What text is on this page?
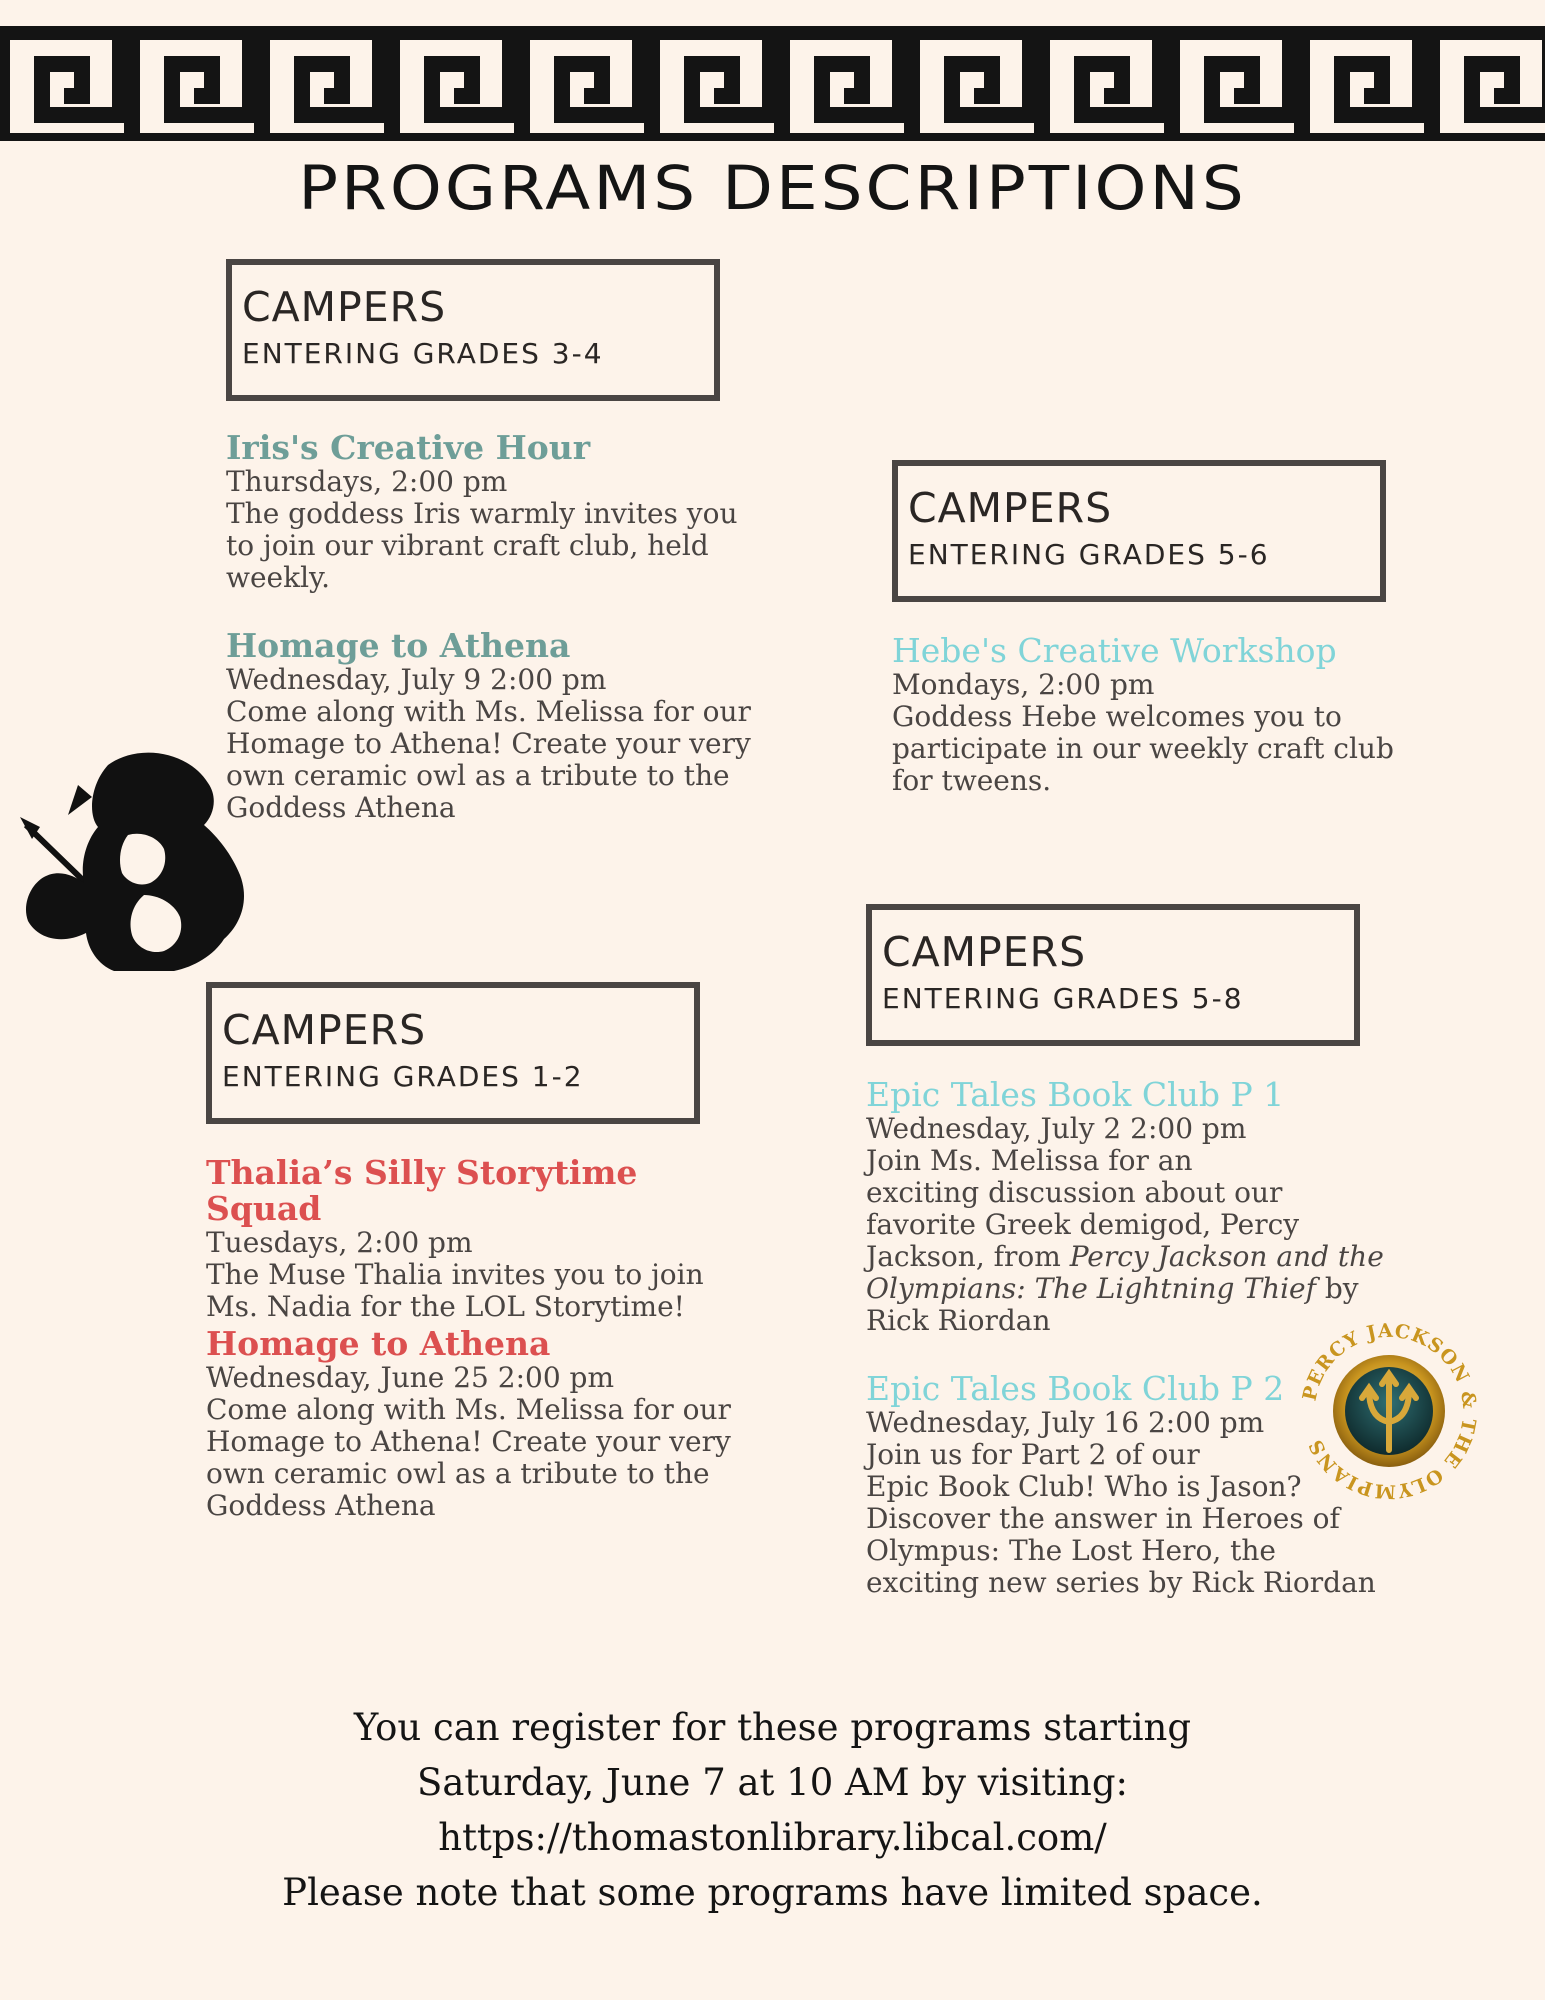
PROGRAMS DESCRIPTIONS
CAMPERS
ENTERING GRADES 3-4
Iris's Creative Hour
Thursdays, 2:00 pm
The goddess Iris warmly invites you
to join our vibrant craft club, held
weekly.
Homage to Athena
Wednesday, July 9 2:00 pm
Come along with Ms. Melissa for our
Homage to Athena! Create your very
own ceramic owl as a tribute to the
Goddess Athena
CAMPERS
ENTERING GRADES 5-6
Hebe's Creative Workshop
Mondays, 2:00 pm
Goddess Hebe welcomes you to
participate in our weekly craft club
for tweens.
CAMPERS
ENTERING GRADES 1-2
Thalia’s Silly Storytime Squad
Tuesdays, 2:00 pm
The Muse Thalia invites you to join
Ms. Nadia for the LOL Storytime!
Homage to Athena
Wednesday, June 25 2:00 pm
Come along with Ms. Melissa for our
Homage to Athena! Create your very
own ceramic owl as a tribute to the
Goddess Athena
CAMPERS
ENTERING GRADES 5-8
Epic Tales Book Club P 1
Wednesday, July 2 2:00 pm
Join Ms. Melissa for an
exciting discussion about our
favorite Greek demigod, Percy
Jackson, from Percy Jackson and the
Olympians: The Lightning Thief by
Rick Riordan
Epic Tales Book Club P 2
Wednesday, July 16 2:00 pm
Join us for Part 2 of our
Epic Book Club! Who is Jason?
Discover the answer in Heroes of
Olympus: The Lost Hero, the
exciting new series by Rick Riordan
PERCY JACKSON & THE OLYMPIANS
You can register for these programs starting
Saturday, June 7 at 10 AM by visiting:
https://thomastonlibrary.libcal.com/
Please note that some programs have limited space.
